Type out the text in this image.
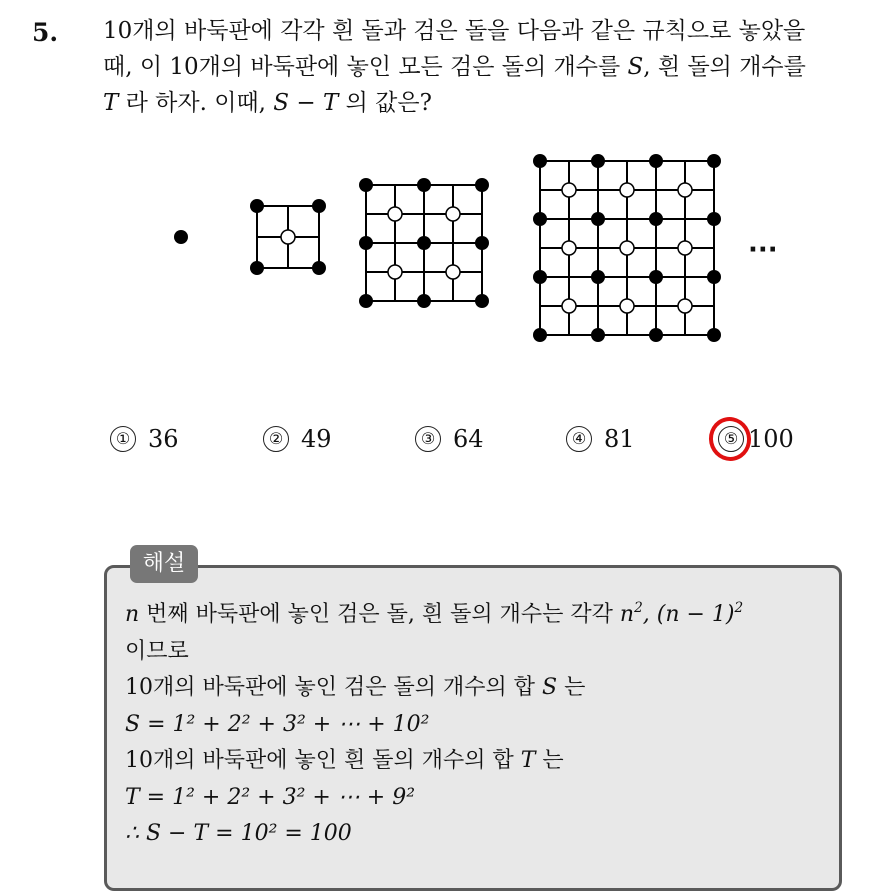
5. 10개의 바둑판에 각각 흰 돌과 검은 돌을 다음과 같은 규칙으로 놓았을
때, 이 10개의 바둑판에 놓인 모든 검은 돌의 개수를 S, 흰 돌의 개수를
T 라 하자. 이때, S − T 의 값은?
···
① 36	② 49	③ 64	④ 81	⑤ 100
해설
n 번째 바둑판에 놓인 검은 돌, 흰 돌의 개수는 각각 $n^2$, $(n - 1)^2$
이므로
10개의 바둑판에 놓인 검은 돌의 개수의 합 S 는
S = 1² + 2² + 3² + ⋯ + 10²
10개의 바둑판에 놓인 흰 돌의 개수의 합 T 는
T = 1² + 2² + 3² + ⋯ + 9²
∴ S − T = 10² = 100
